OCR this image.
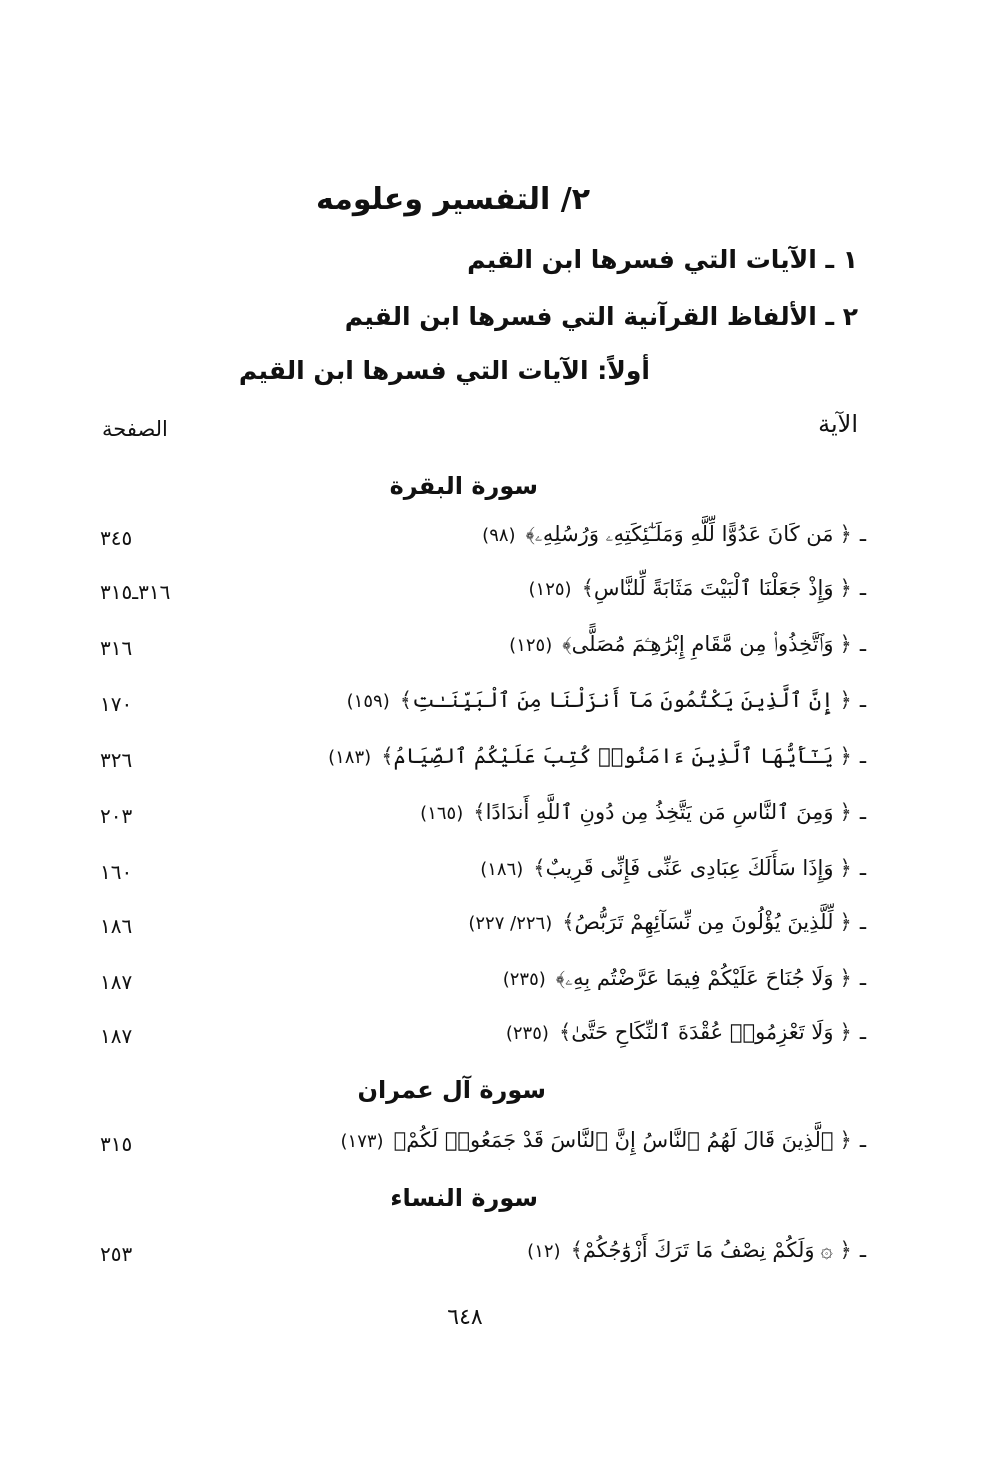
٢/ التفسير وعلومه
١ ـ الآيات التي فسرها ابن القيم
٢ ـ الألفاظ القرآنية التي فسرها ابن القيم
أولاً: الآيات التي فسرها ابن القيم
الآية
الصفحة
سورة البقرة
ـ﴿مَن كَانَ عَدُوًّا لِّلَّهِ وَمَلَـٰٓئِكَتِهِۦ وَرُسُلِهِۦ﴾(٩٨)
٣٤٥
ـ﴿وَإِذْ جَعَلْنَا ٱلْبَيْتَ مَثَابَةً لِّلنَّاسِ﴾(١٢٥)
٣١٦ـ٣١٥
ـ﴿وَٱتَّخِذُوا۟ مِن مَّقَامِ إِبْرَٰهِـۧمَ مُصَلًّى﴾(١٢٥)
٣١٦
ـ﴿إِنَّ ٱلَّذِينَ يَكْتُمُونَ مَآ أَنزَلْنَا مِنَ ٱلْبَيِّنَـٰتِ﴾(١٥٩)
١٧٠
ـ﴿يَـٰٓأَيُّهَا ٱلَّذِينَ ءَامَنُوا۟ كُتِبَ عَلَيْكُمُ ٱلصِّيَامُ﴾(١٨٣)
٣٢٦
ـ﴿وَمِنَ ٱلنَّاسِ مَن يَتَّخِذُ مِن دُونِ ٱللَّهِ أَندَادًا﴾(١٦٥)
٢٠٣
ـ﴿وَإِذَا سَأَلَكَ عِبَادِى عَنِّى فَإِنِّى قَرِيبٌ﴾(١٨٦)
١٦٠
ـ﴿لِّلَّذِينَ يُؤْلُونَ مِن نِّسَآئِهِمْ تَرَبُّصُ﴾(٢٢٦/ ٢٢٧)
١٨٦
ـ﴿وَلَا جُنَاحَ عَلَيْكُمْ فِيمَا عَرَّضْتُم بِهِۦ﴾(٢٣٥)
١٨٧
ـ﴿وَلَا تَعْزِمُوا۟ عُقْدَةَ ٱلنِّكَاحِ حَتَّىٰ﴾(٢٣٥)
١٨٧
سورة آل عمران
ـ﴿ٱلَّذِينَ قَالَ لَهُمُ ٱلنَّاسُ إِنَّ ٱلنَّاسَ قَدْ جَمَعُوا۟ لَكُمْ﴾(١٧٣)
٣١٥
سورة النساء
ـ﴿ ۞وَلَكُمْ نِصْفُ مَا تَرَكَ أَزْوَٰجُكُمْ﴾(١٢)
٢٥٣
٦٤٨
